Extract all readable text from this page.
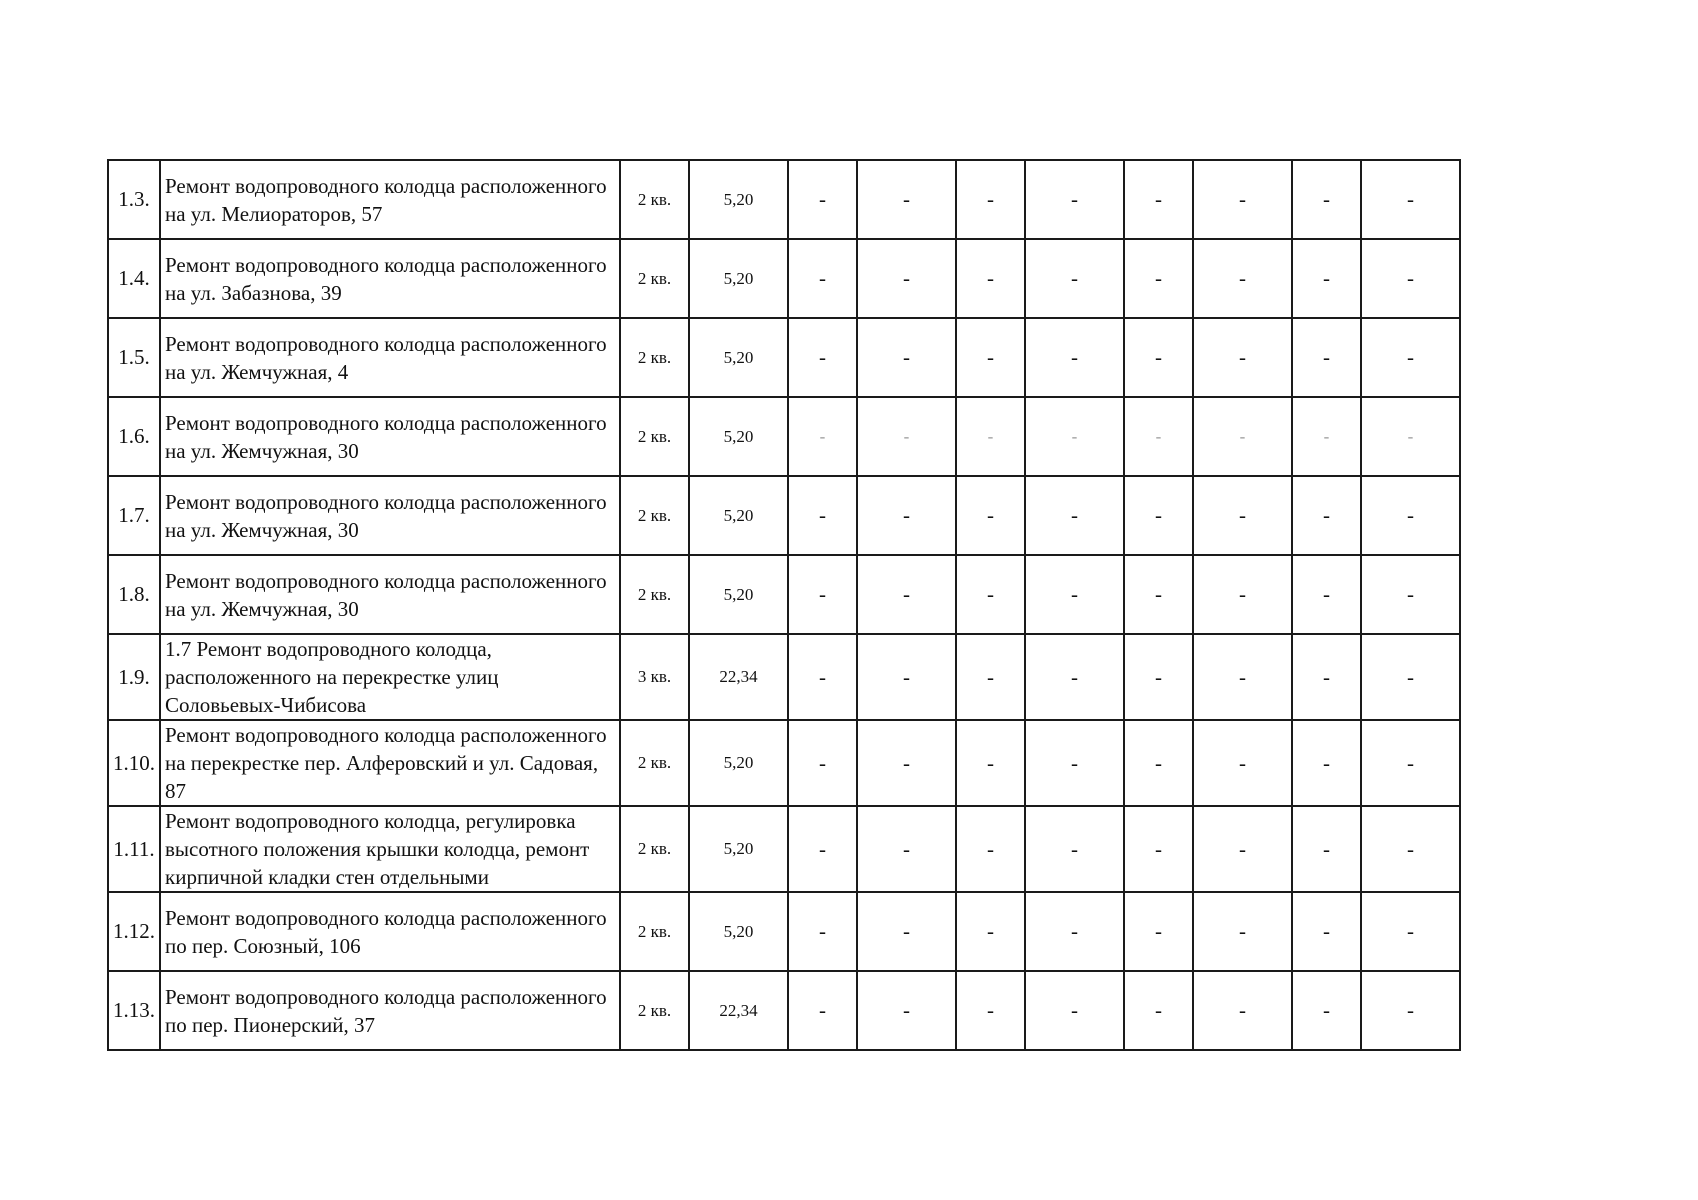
1.3.	Ремонт водопроводного колодца расположенного на ул. Мелиораторов, 57	2 кв.	5,20	-	-	-	-	-	-	-	-
1.4.	Ремонт водопроводного колодца расположенного на ул. Забазнова, 39	2 кв.	5,20	-	-	-	-	-	-	-	-
1.5.	Ремонт водопроводного колодца расположенного на ул. Жемчужная, 4	2 кв.	5,20	-	-	-	-	-	-	-	-
1.6.	Ремонт водопроводного колодца расположенного на ул. Жемчужная, 30	2 кв.	5,20	-	-	-	-	-	-	-	-
1.7.	Ремонт водопроводного колодца расположенного на ул. Жемчужная, 30	2 кв.	5,20	-	-	-	-	-	-	-	-
1.8.	Ремонт водопроводного колодца расположенного на ул. Жемчужная, 30	2 кв.	5,20	-	-	-	-	-	-	-	-
1.9.	1.7 Ремонт водопроводного колодца, расположенного на перекрестке улиц Соловьевых-Чибисова	3 кв.	22,34	-	-	-	-	-	-	-	-
1.10.	Ремонт водопроводного колодца расположенного на перекрестке пер. Алферовский и ул. Садовая, 87	2 кв.	5,20	-	-	-	-	-	-	-	-
1.11.	Ремонт водопроводного колодца, регулировка высотного положения крышки колодца, ремонт кирпичной кладки стен отдельными	2 кв.	5,20	-	-	-	-	-	-	-	-
1.12.	Ремонт водопроводного колодца расположенного по пер. Союзный, 106	2 кв.	5,20	-	-	-	-	-	-	-	-
1.13.	Ремонт водопроводного колодца расположенного по пер. Пионерский, 37	2 кв.	22,34	-	-	-	-	-	-	-	-
